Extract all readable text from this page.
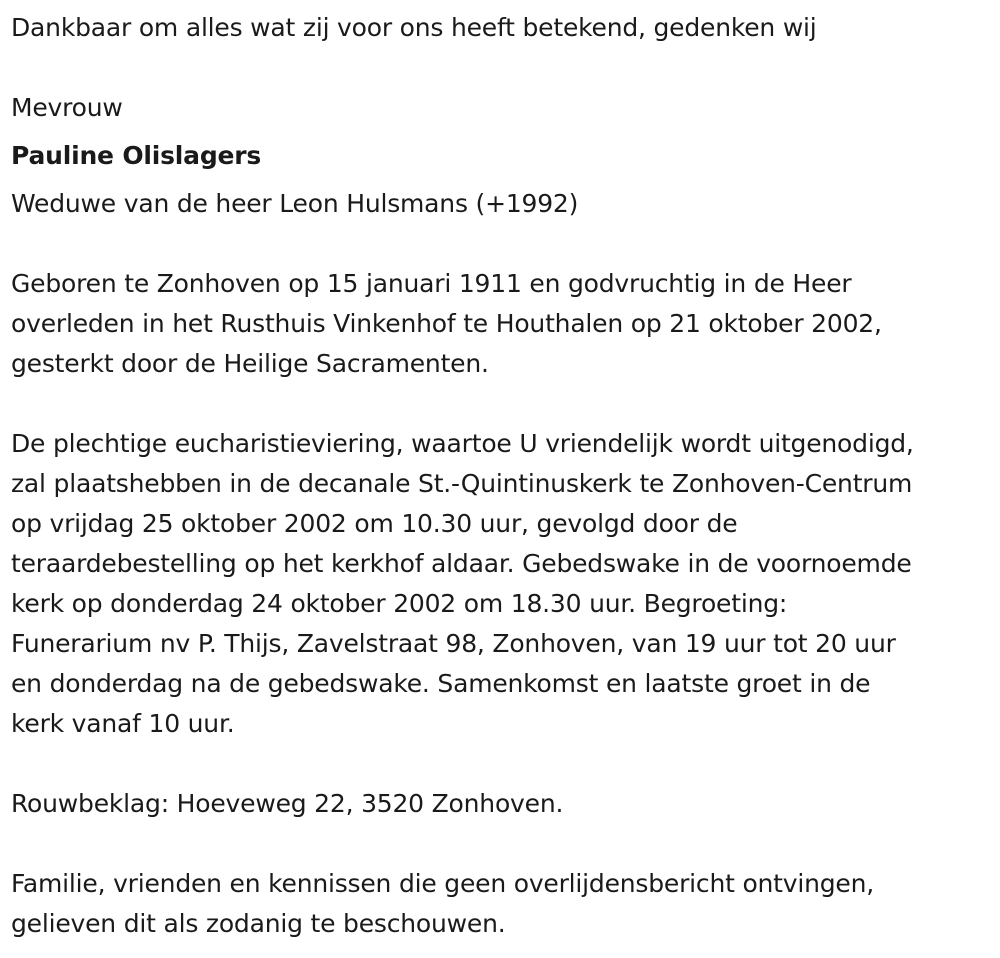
Dankbaar om alles wat zij voor ons heeft betekend, gedenken wij
Mevrouw
Pauline Olislagers
Weduwe van de heer Leon Hulsmans (+1992)
Geboren te Zonhoven op 15 januari 1911 en godvruchtig in de Heer
overleden in het Rusthuis Vinkenhof te Houthalen op 21 oktober 2002,
gesterkt door de Heilige Sacramenten.
De plechtige eucharistieviering, waartoe U vriendelijk wordt uitgenodigd,
zal plaatshebben in de decanale St.-Quintinuskerk te Zonhoven-Centrum
op vrijdag 25 oktober 2002 om 10.30 uur, gevolgd door de
teraardebestelling op het kerkhof aldaar. Gebedswake in de voornoemde
kerk op donderdag 24 oktober 2002 om 18.30 uur. Begroeting:
Funerarium nv P. Thijs, Zavelstraat 98, Zonhoven, van 19 uur tot 20 uur
en donderdag na de gebedswake. Samenkomst en laatste groet in de
kerk vanaf 10 uur.
Rouwbeklag: Hoeveweg 22, 3520 Zonhoven.
Familie, vrienden en kennissen die geen overlijdensbericht ontvingen,
gelieven dit als zodanig te beschouwen.
